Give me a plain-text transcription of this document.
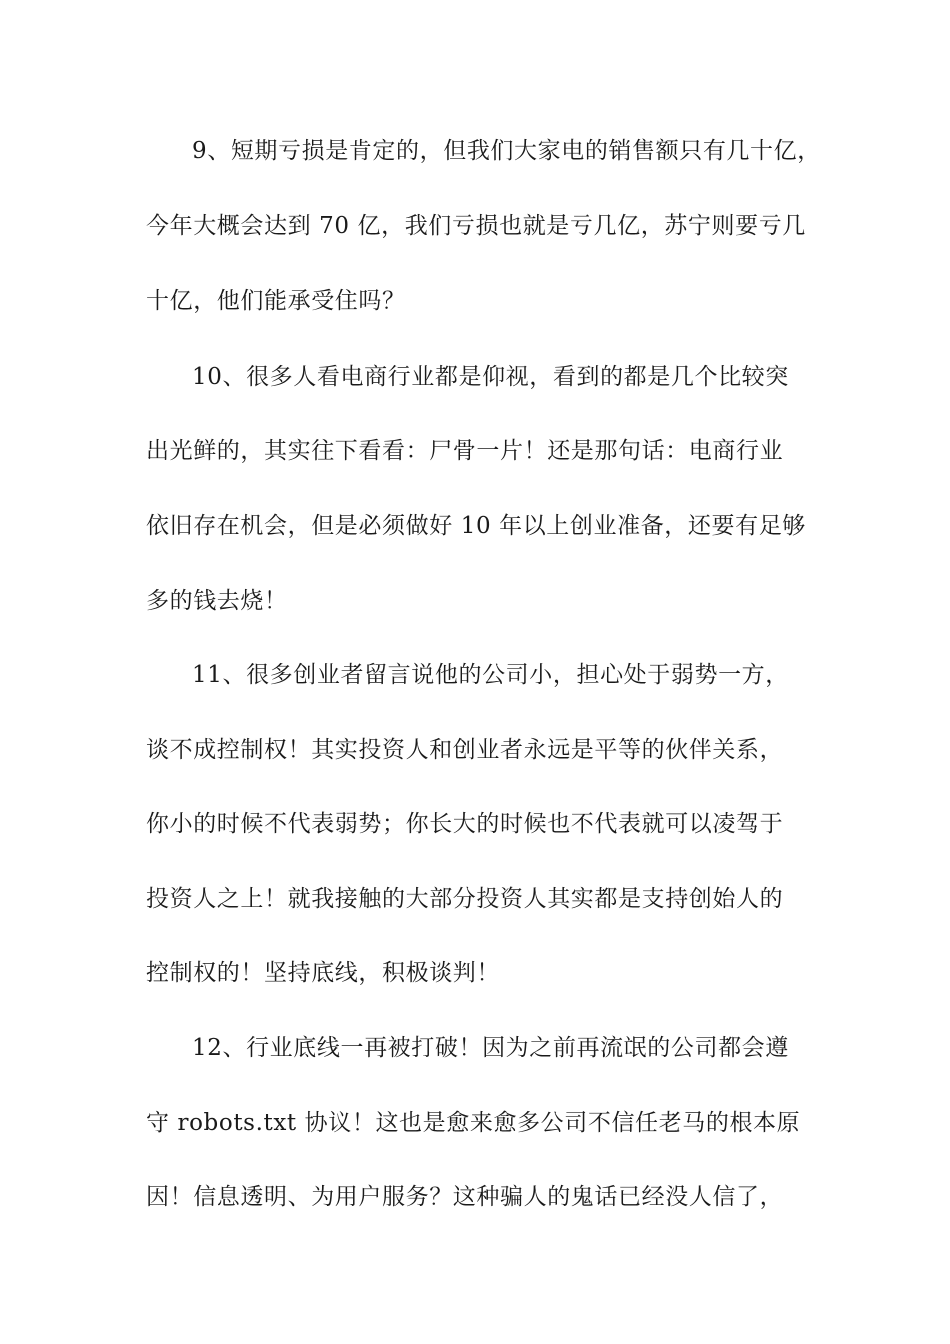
9、短期亏损是肯定的，但我们大家电的销售额只有几十亿，
今年大概会达到 70 亿，我们亏损也就是亏几亿，苏宁则要亏几
十亿，他们能承受住吗？
10、很多人看电商行业都是仰视，看到的都是几个比较突
出光鲜的，其实往下看看：尸骨一片！还是那句话：电商行业
依旧存在机会，但是必须做好 10 年以上创业准备，还要有足够
多的钱去烧！
11、很多创业者留言说他的公司小，担心处于弱势一方，
谈不成控制权！其实投资人和创业者永远是平等的伙伴关系，
你小的时候不代表弱势；你长大的时候也不代表就可以凌驾于
投资人之上！就我接触的大部分投资人其实都是支持创始人的
控制权的！坚持底线，积极谈判！
12、行业底线一再被打破！因为之前再流氓的公司都会遵
守 robots.txt 协议！这也是愈来愈多公司不信任老马的根本原
因！信息透明、为用户服务？这种骗人的鬼话已经没人信了，
